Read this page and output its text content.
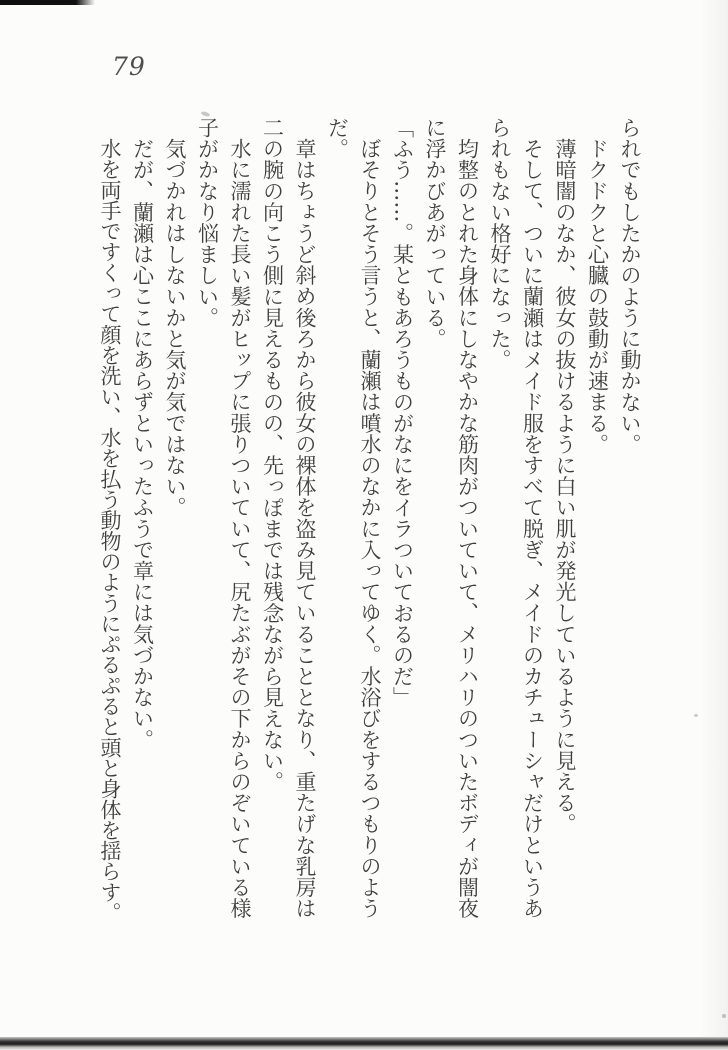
79

られでもしたかのように動かない。

ドクドクと心臓の鼓動が速まる。

薄暗闇のなか、彼女の抜けるように白い肌が発光しているように見える。

そして、ついに蘭瀬はメイド服をすべて脱ぎ、メイドのカチューシャだけというあられもない格好になった。

均整のとれた身体にしなやかな筋肉がついていて、メリハリのついたボディが闇夜に浮かびあがっている。

「ふう……。某ともあろうものがなにをイラついておるのだ」

ぼそりとそう言うと、蘭瀬は噴水のなかに入ってゆく。水浴びをするつもりのようだ。

章はちょうど斜め後ろから彼女の裸体を盗み見ていることとなり、重たげな乳房は二の腕の向こう側に見えるものの、先っぽまでは残念ながら見えない。

水に濡れた長い髪がヒップに張りついていて、尻たぶがその下からのぞいている様子がかなり悩ましい。

気づかれはしないかと気が気ではない。

だが、蘭瀬は心ここにあらずといったふうで章には気づかない。

水を両手ですくって顔を洗い、水を払う動物のようにぷるぷると頭と身体を揺らす。
